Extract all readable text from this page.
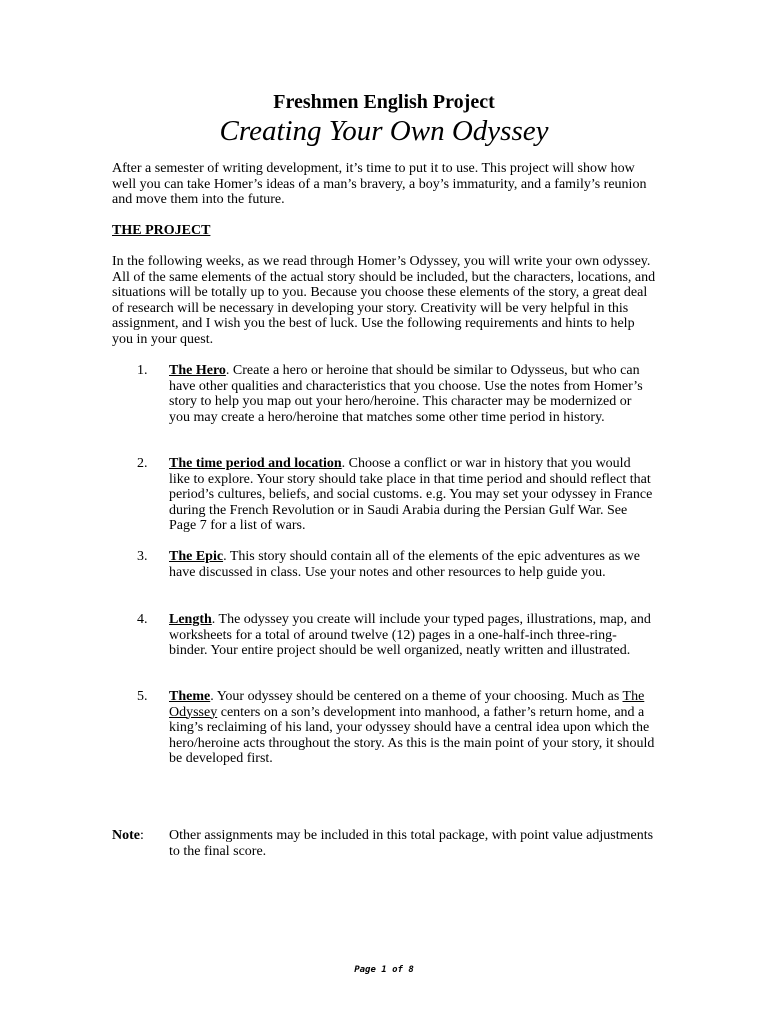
Freshmen English Project
Creating Your Own Odyssey
After a semester of writing development, it’s time to put it to use. This project will show how well you can take Homer’s ideas of a man’s bravery, a boy’s immaturity, and a family’s reunion and move them into the future.
THE PROJECT
In the following weeks, as we read through Homer’s Odyssey, you will write your own odyssey. All of the same elements of the actual story should be included, but the characters, locations, and situations will be totally up to you. Because you choose these elements of the story, a great deal of research will be necessary in developing your story. Creativity will be very helpful in this assignment, and I wish you the best of luck. Use the following requirements and hints to help you in your quest.
1.	The Hero. Create a hero or heroine that should be similar to Odysseus, but who can have other qualities and characteristics that you choose. Use the notes from Homer’s story to help you map out your hero/heroine. This character may be modernized or you may create a hero/heroine that matches some other time period in history.
2.	The time period and location. Choose a conflict or war in history that you would like to explore. Your story should take place in that time period and should reflect that period’s cultures, beliefs, and social customs. e.g. You may set your odyssey in France during the French Revolution or in Saudi Arabia during the Persian Gulf War. See Page 7 for a list of wars.
3.	The Epic. This story should contain all of the elements of the epic adventures as we have discussed in class. Use your notes and other resources to help guide you.
4.	Length. The odyssey you create will include your typed pages, illustrations, map, and worksheets for a total of around twelve (12) pages in a one-half-inch three-ring-binder. Your entire project should be well organized, neatly written and illustrated.
5.	Theme. Your odyssey should be centered on a theme of your choosing. Much as The Odyssey centers on a son’s development into manhood, a father’s return home, and a king’s reclaiming of his land, your odyssey should have a central idea upon which the hero/heroine acts throughout the story. As this is the main point of your story, it should be developed first.
Note: Other assignments may be included in this total package, with point value adjustments to the final score.
Page 1 of 8
